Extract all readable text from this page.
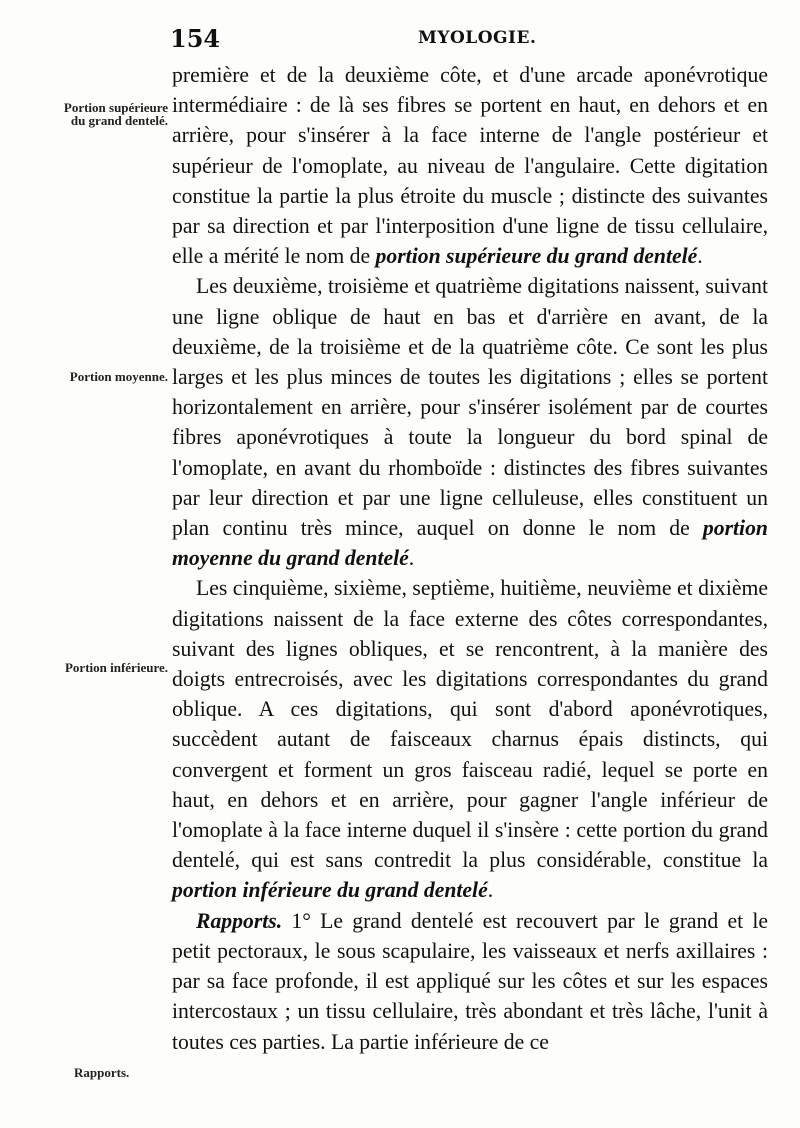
154	MYOLOGIE.
Portion supérieure du grand dentelé.
Portion moyenne.
Portion inférieure.
Rapports.

première et de la deuxième côte, et d'une arcade aponévrotique intermédiaire : de là ses fibres se portent en haut, en dehors et en arrière, pour s'insérer à la face interne de l'angle postérieur et supérieur de l'omoplate, au niveau de l'angulaire. Cette digitation constitue la partie la plus étroite du muscle ; distincte des suivantes par sa direction et par l'interposition d'une ligne de tissu cellulaire, elle a mérité le nom de portion supérieure du grand dentelé.

Les deuxième, troisième et quatrième digitations naissent, suivant une ligne oblique de haut en bas et d'arrière en avant, de la deuxième, de la troisième et de la quatrième côte. Ce sont les plus larges et les plus minces de toutes les digitations ; elles se portent horizontalement en arrière, pour s'insérer isolément par de courtes fibres aponévrotiques à toute la longueur du bord spinal de l'omoplate, en avant du rhomboïde : distinctes des fibres suivantes par leur direction et par une ligne celluleuse, elles constituent un plan continu très mince, auquel on donne le nom de portion moyenne du grand dentelé.

Les cinquième, sixième, septième, huitième, neuvième et dixième digitations naissent de la face externe des côtes correspondantes, suivant des lignes obliques, et se rencontrent, à la manière des doigts entrecroisés, avec les digitations correspondantes du grand oblique. A ces digitations, qui sont d'abord aponévrotiques, succèdent autant de faisceaux charnus épais distincts, qui convergent et forment un gros faisceau radié, lequel se porte en haut, en dehors et en arrière, pour gagner l'angle inférieur de l'omoplate à la face interne duquel il s'insère : cette portion du grand dentelé, qui est sans contredit la plus considérable, constitue la portion inférieure du grand dentelé.

Rapports. 1° Le grand dentelé est recouvert par le grand et le petit pectoraux, le sous scapulaire, les vaisseaux et nerfs axillaires : par sa face profonde, il est appliqué sur les côtes et sur les espaces intercostaux ; un tissu cellulaire, très abondant et très lâche, l'unit à toutes ces parties. La partie inférieure de ce
